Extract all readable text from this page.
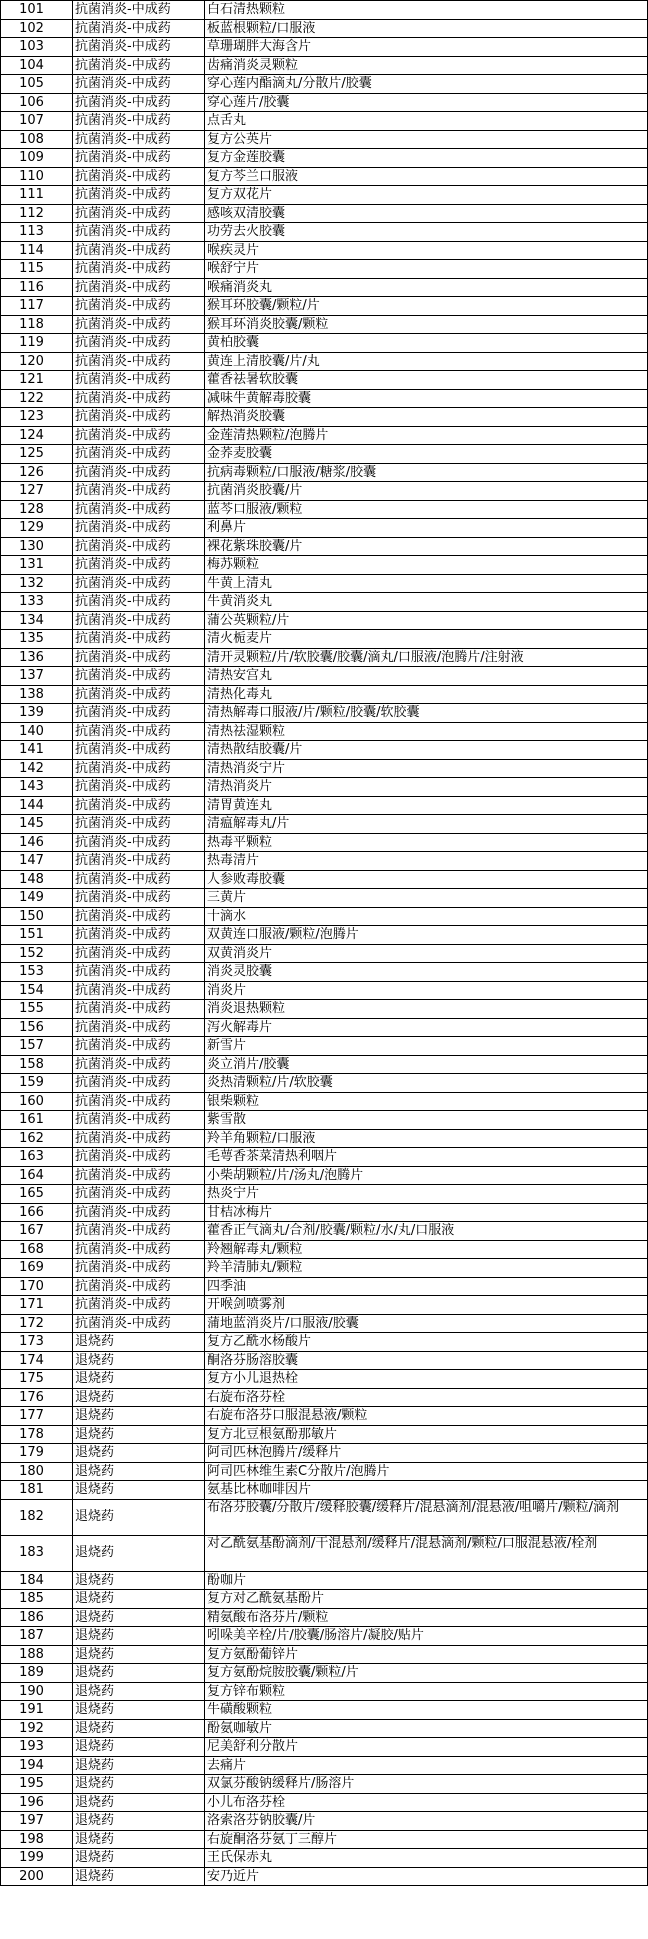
101	抗菌消炎-中成药	白石清热颗粒
102	抗菌消炎-中成药	板蓝根颗粒/口服液
103	抗菌消炎-中成药	草珊瑚胖大海含片
104	抗菌消炎-中成药	齿痛消炎灵颗粒
105	抗菌消炎-中成药	穿心莲内酯滴丸/分散片/胶囊
106	抗菌消炎-中成药	穿心莲片/胶囊
107	抗菌消炎-中成药	点舌丸
108	抗菌消炎-中成药	复方公英片
109	抗菌消炎-中成药	复方金莲胶囊
110	抗菌消炎-中成药	复方芩兰口服液
111	抗菌消炎-中成药	复方双花片
112	抗菌消炎-中成药	感咳双清胶囊
113	抗菌消炎-中成药	功劳去火胶囊
114	抗菌消炎-中成药	喉疾灵片
115	抗菌消炎-中成药	喉舒宁片
116	抗菌消炎-中成药	喉痛消炎丸
117	抗菌消炎-中成药	猴耳环胶囊/颗粒/片
118	抗菌消炎-中成药	猴耳环消炎胶囊/颗粒
119	抗菌消炎-中成药	黄柏胶囊
120	抗菌消炎-中成药	黄连上清胶囊/片/丸
121	抗菌消炎-中成药	藿香祛暑软胶囊
122	抗菌消炎-中成药	减味牛黄解毒胶囊
123	抗菌消炎-中成药	解热消炎胶囊
124	抗菌消炎-中成药	金莲清热颗粒/泡腾片
125	抗菌消炎-中成药	金荞麦胶囊
126	抗菌消炎-中成药	抗病毒颗粒/口服液/糖浆/胶囊
127	抗菌消炎-中成药	抗菌消炎胶囊/片
128	抗菌消炎-中成药	蓝芩口服液/颗粒
129	抗菌消炎-中成药	利鼻片
130	抗菌消炎-中成药	裸花紫珠胶囊/片
131	抗菌消炎-中成药	梅苏颗粒
132	抗菌消炎-中成药	牛黄上清丸
133	抗菌消炎-中成药	牛黄消炎丸
134	抗菌消炎-中成药	蒲公英颗粒/片
135	抗菌消炎-中成药	清火栀麦片
136	抗菌消炎-中成药	清开灵颗粒/片/软胶囊/胶囊/滴丸/口服液/泡腾片/注射液
137	抗菌消炎-中成药	清热安宫丸
138	抗菌消炎-中成药	清热化毒丸
139	抗菌消炎-中成药	清热解毒口服液/片/颗粒/胶囊/软胶囊
140	抗菌消炎-中成药	清热祛湿颗粒
141	抗菌消炎-中成药	清热散结胶囊/片
142	抗菌消炎-中成药	清热消炎宁片
143	抗菌消炎-中成药	清热消炎片
144	抗菌消炎-中成药	清胃黄连丸
145	抗菌消炎-中成药	清瘟解毒丸/片
146	抗菌消炎-中成药	热毒平颗粒
147	抗菌消炎-中成药	热毒清片
148	抗菌消炎-中成药	人参败毒胶囊
149	抗菌消炎-中成药	三黄片
150	抗菌消炎-中成药	十滴水
151	抗菌消炎-中成药	双黄连口服液/颗粒/泡腾片
152	抗菌消炎-中成药	双黄消炎片
153	抗菌消炎-中成药	消炎灵胶囊
154	抗菌消炎-中成药	消炎片
155	抗菌消炎-中成药	消炎退热颗粒
156	抗菌消炎-中成药	泻火解毒片
157	抗菌消炎-中成药	新雪片
158	抗菌消炎-中成药	炎立消片/胶囊
159	抗菌消炎-中成药	炎热清颗粒/片/软胶囊
160	抗菌消炎-中成药	银柴颗粒
161	抗菌消炎-中成药	紫雪散
162	抗菌消炎-中成药	羚羊角颗粒/口服液
163	抗菌消炎-中成药	毛萼香茶菜清热利咽片
164	抗菌消炎-中成药	小柴胡颗粒/片/汤丸/泡腾片
165	抗菌消炎-中成药	热炎宁片
166	抗菌消炎-中成药	甘桔冰梅片
167	抗菌消炎-中成药	藿香正气滴丸/合剂/胶囊/颗粒/水/丸/口服液
168	抗菌消炎-中成药	羚翘解毒丸/颗粒
169	抗菌消炎-中成药	羚羊清肺丸/颗粒
170	抗菌消炎-中成药	四季油
171	抗菌消炎-中成药	开喉剑喷雾剂
172	抗菌消炎-中成药	蒲地蓝消炎片/口服液/胶囊
173	退烧药	复方乙酰水杨酸片
174	退烧药	酮洛芬肠溶胶囊
175	退烧药	复方小儿退热栓
176	退烧药	右旋布洛芬栓
177	退烧药	右旋布洛芬口服混悬液/颗粒
178	退烧药	复方北豆根氨酚那敏片
179	退烧药	阿司匹林泡腾片/缓释片
180	退烧药	阿司匹林维生素C分散片/泡腾片
181	退烧药	氨基比林咖啡因片
182	退烧药	布洛芬胶囊/分散片/缓释胶囊/缓释片/混悬滴剂/混悬液/咀嚼片/颗粒/滴剂
183	退烧药	对乙酰氨基酚滴剂/干混悬剂/缓释片/混悬滴剂/颗粒/口服混悬液/栓剂
184	退烧药	酚咖片
185	退烧药	复方对乙酰氨基酚片
186	退烧药	精氨酸布洛芬片/颗粒
187	退烧药	吲哚美辛栓/片/胶囊/肠溶片/凝胶/贴片
188	退烧药	复方氨酚葡锌片
189	退烧药	复方氨酚烷胺胶囊/颗粒/片
190	退烧药	复方锌布颗粒
191	退烧药	牛磺酸颗粒
192	退烧药	酚氨咖敏片
193	退烧药	尼美舒利分散片
194	退烧药	去痛片
195	退烧药	双氯芬酸钠缓释片/肠溶片
196	退烧药	小儿布洛芬栓
197	退烧药	洛索洛芬钠胶囊/片
198	退烧药	右旋酮洛芬氨丁三醇片
199	退烧药	王氏保赤丸
200	退烧药	安乃近片
